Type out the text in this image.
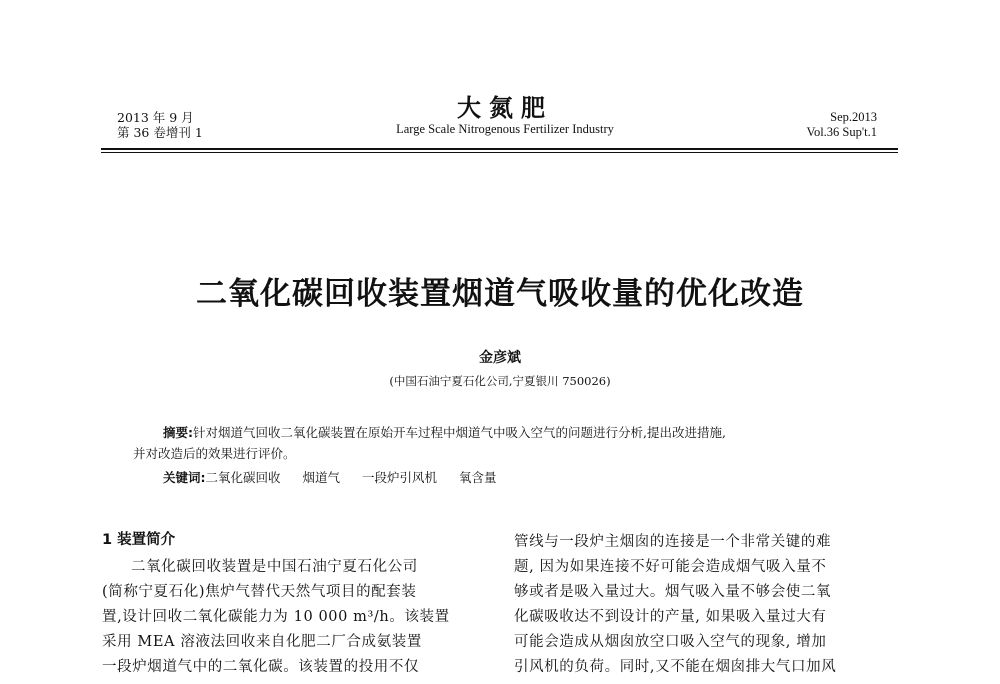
2013 年 9 月
第 36 卷增刊 1
大氮肥
Large Scale Nitrogenous Fertilizer Industry
Sep.2013
Vol.36 Sup't.1
二氧化碳回收装置烟道气吸收量的优化改造
金彦斌
(中国石油宁夏石化公司,宁夏银川 750026)
摘要:针对烟道气回收二氧化碳装置在原始开车过程中烟道气中吸入空气的问题进行分析,提出改进措施,
并对改造后的效果进行评价。
关键词:二氧化碳回收 烟道气 一段炉引风机 氧含量
1 装置简介
二氧化碳回收装置是中国石油宁夏石化公司
(简称宁夏石化)焦炉气替代天然气项目的配套装
置,设计回收二氧化碳能力为 10 000 m³/h。该装置
采用 MEA 溶液法回收来自化肥二厂合成氨装置
一段炉烟道气中的二氧化碳。该装置的投用不仅
管线与一段炉主烟囱的连接是一个非常关键的难
题, 因为如果连接不好可能会造成烟气吸入量不
够或者是吸入量过大。烟气吸入量不够会使二氧
化碳吸收达不到设计的产量, 如果吸入量过大有
可能会造成从烟囱放空口吸入空气的现象, 增加
引风机的负荷。同时,又不能在烟囱排大气口加风
